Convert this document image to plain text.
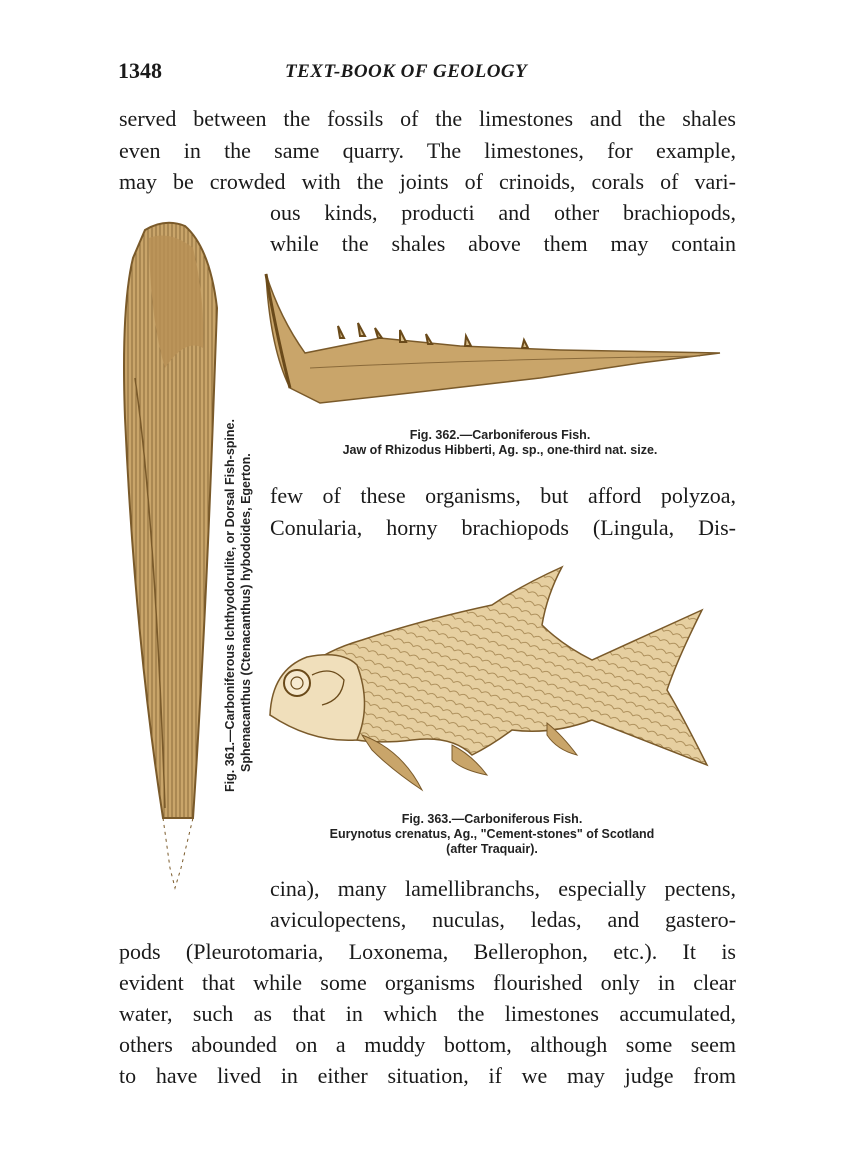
1348	TEXT-BOOK OF GEOLOGY
served between the fossils of the limestones and the shales
even in the same quarry. The limestones, for example,
may be crowded with the joints of crinoids, corals of vari-
ous kinds, producti and other brachiopods,
while the shales above them may contain
Fig. 361.—Carboniferous Ichthyodorulite, or Dorsal Fish-spine. Sphenacanthus (Ctenacanthus) hybodoides, Egerton.
Fig. 362.—Carboniferous Fish.
Jaw of Rhizodus Hibberti, Ag. sp., one-third nat. size.
few of these organisms, but afford polyzoa,
Conularia, horny brachiopods (Lingula, Dis-
Fig. 363.—Carboniferous Fish.
Eurynotus crenatus, Ag., "Cement-stones" of Scotland
(after Traquair).
cina), many lamellibranchs, especially pectens,
aviculopectens, nuculas, ledas, and gastero-
pods (Pleurotomaria, Loxonema, Bellerophon, etc.). It is
evident that while some organisms flourished only in clear
water, such as that in which the limestones accumulated,
others abounded on a muddy bottom, although some seem
to have lived in either situation, if we may judge from
